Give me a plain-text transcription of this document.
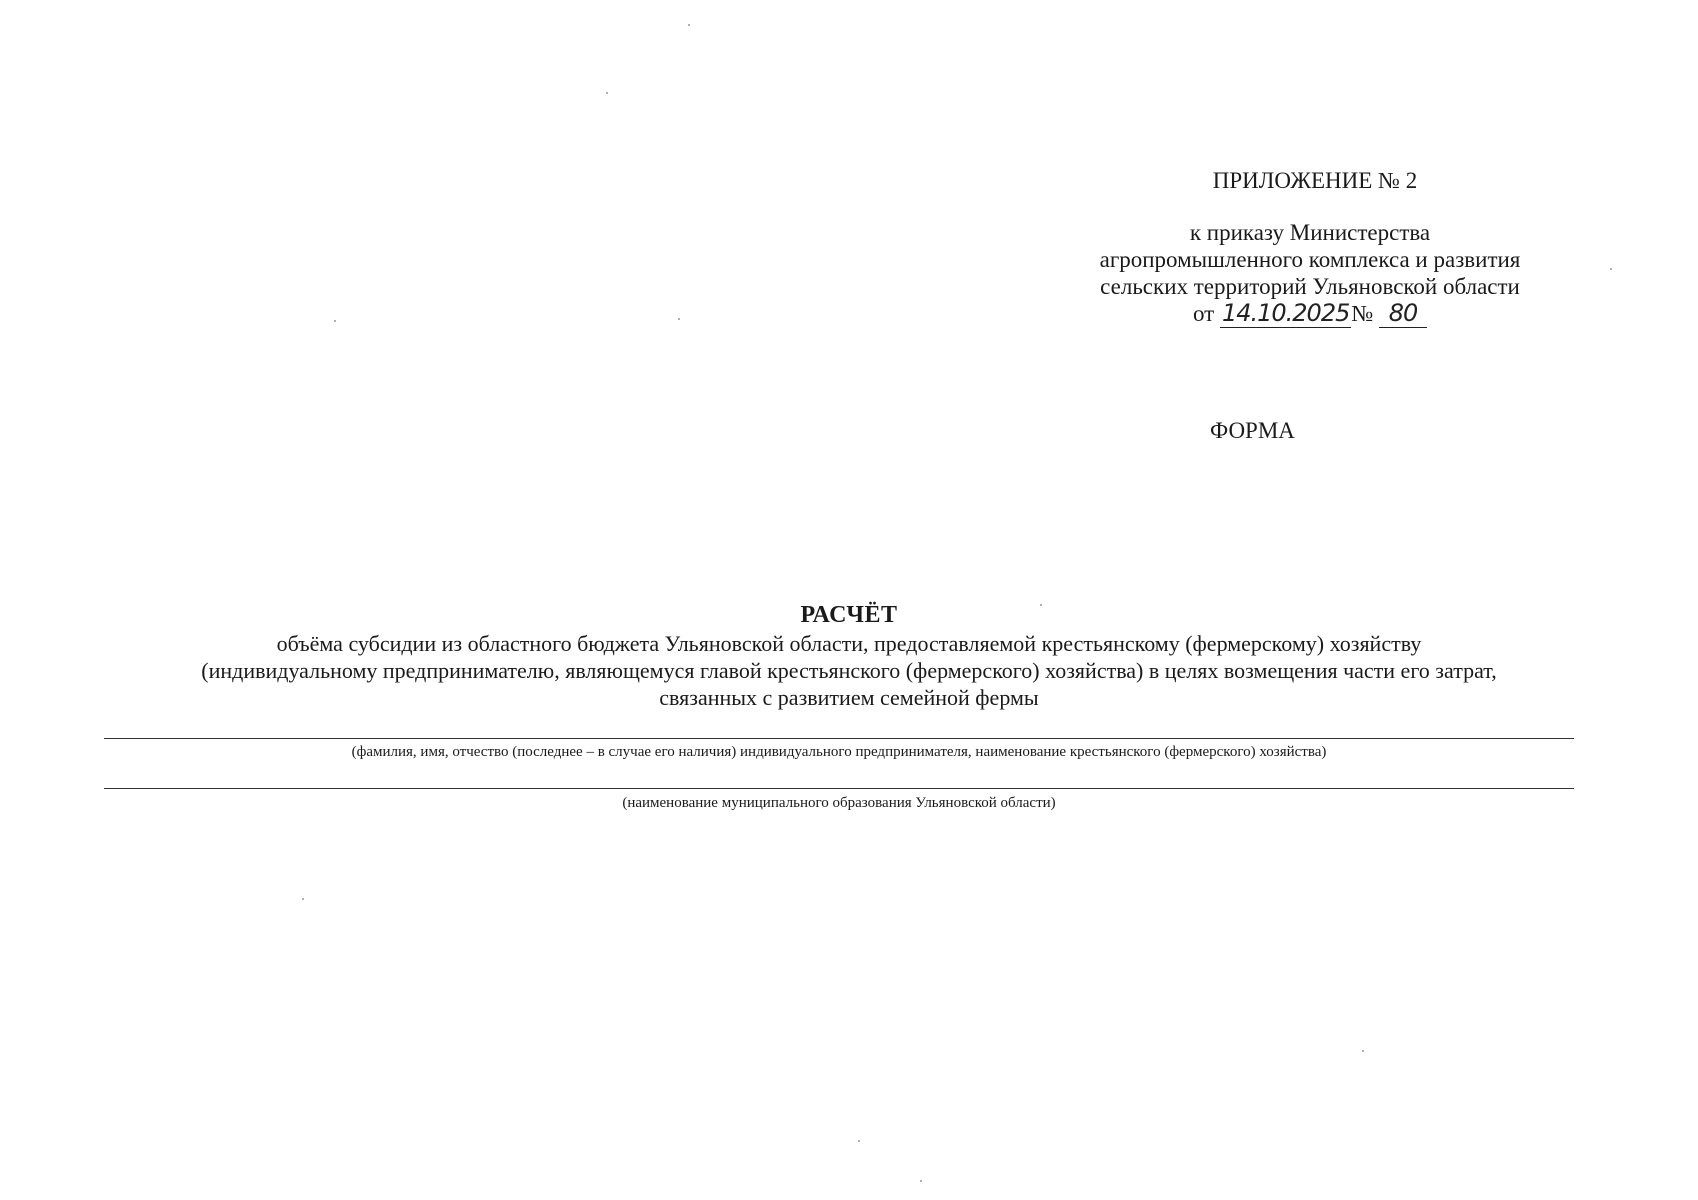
ПРИЛОЖЕНИЕ № 2
к приказу Министерства
агропромышленного комплекса и развития
сельских территорий Ульяновской области
от 14.10.2025№ 80
ФОРМА
РАСЧЁТ
объёма субсидии из областного бюджета Ульяновской области, предоставляемой крестьянскому (фермерскому) хозяйству
(индивидуальному предпринимателю, являющемуся главой крестьянского (фермерского) хозяйства) в целях возмещения части его затрат,
связанных с развитием семейной фермы
(фамилия, имя, отчество (последнее – в случае его наличия) индивидуального предпринимателя, наименование крестьянского (фермерского) хозяйства)
(наименование муниципального образования Ульяновской области)
